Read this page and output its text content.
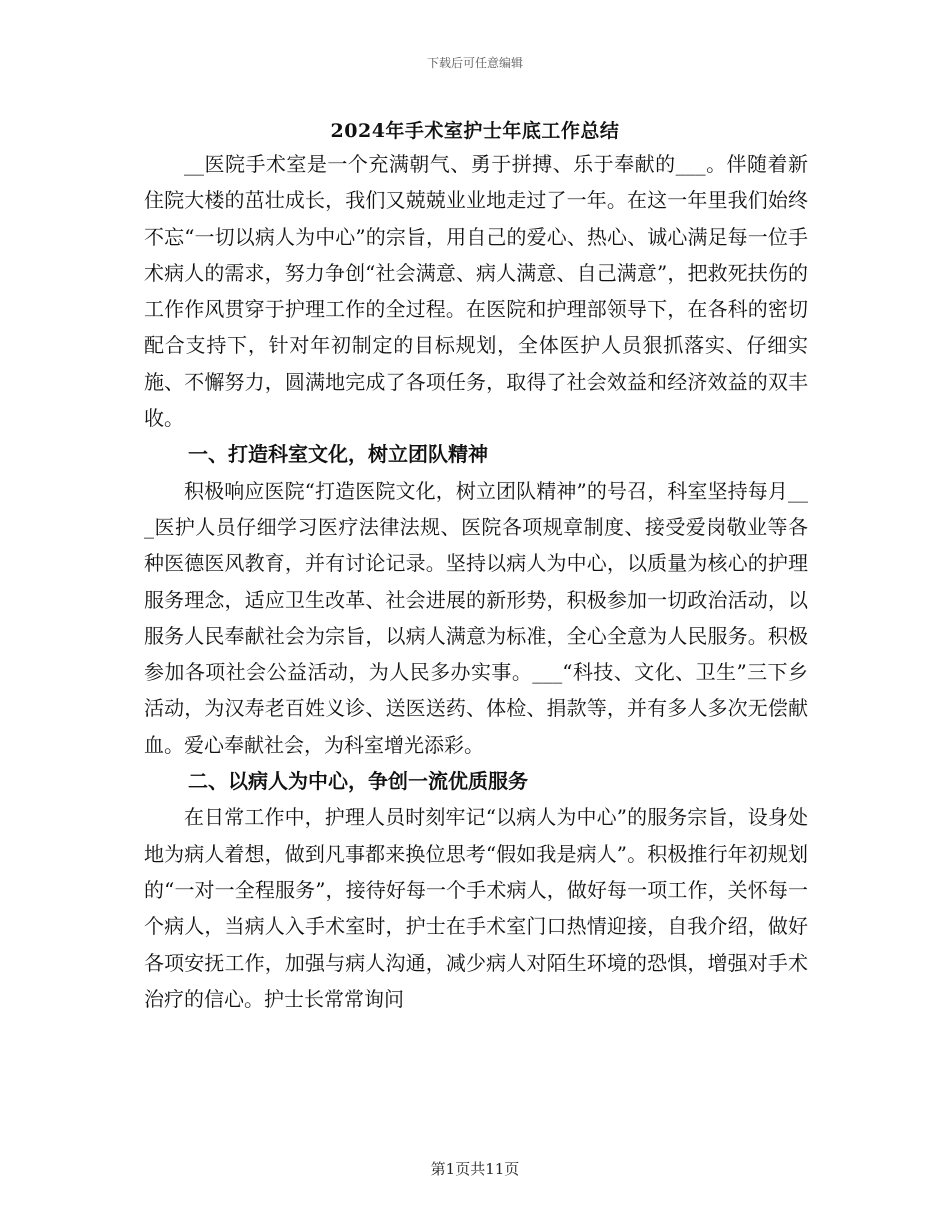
下载后可任意编辑
2024年手术室护士年底工作总结

__医院手术室是一个充满朝气、勇于拼搏、乐于奉献的___。伴随着新住院大楼的茁壮成长，我们又兢兢业业地走过了一年。在这一年里我们始终不忘“一切以病人为中心”的宗旨，用自己的爱心、热心、诚心满足每一位手术病人的需求，努力争创“社会满意、病人满意、自己满意”，把救死扶伤的工作作风贯穿于护理工作的全过程。在医院和护理部领导下，在各科的密切配合支持下，针对年初制定的目标规划，全体医护人员狠抓落实、仔细实施、不懈努力，圆满地完成了各项任务，取得了社会效益和经济效益的双丰收。

一、打造科室文化，树立团队精神

积极响应医院“打造医院文化，树立团队精神”的号召，科室坚持每月___医护人员仔细学习医疗法律法规、医院各项规章制度、接受爱岗敬业等各种医德医风教育，并有讨论记录。坚持以病人为中心，以质量为核心的护理服务理念，适应卫生改革、社会进展的新形势，积极参加一切政治活动，以服务人民奉献社会为宗旨，以病人满意为标准，全心全意为人民服务。积极参加各项社会公益活动，为人民多办实事。___“科技、文化、卫生”三下乡活动，为汉寿老百姓义诊、送医送药、体检、捐款等，并有多人多次无偿献血。爱心奉献社会，为科室增光添彩。

二、以病人为中心，争创一流优质服务

在日常工作中，护理人员时刻牢记“以病人为中心”的服务宗旨，设身处地为病人着想，做到凡事都来换位思考“假如我是病人”。积极推行年初规划的“一对一全程服务”，接待好每一个手术病人，做好每一项工作，关怀每一个病人，当病人入手术室时，护士在手术室门口热情迎接，自我介绍，做好各项安抚工作，加强与病人沟通，减少病人对陌生环境的恐惧，增强对手术治疗的信心。护士长常常询问

第1页共11页
